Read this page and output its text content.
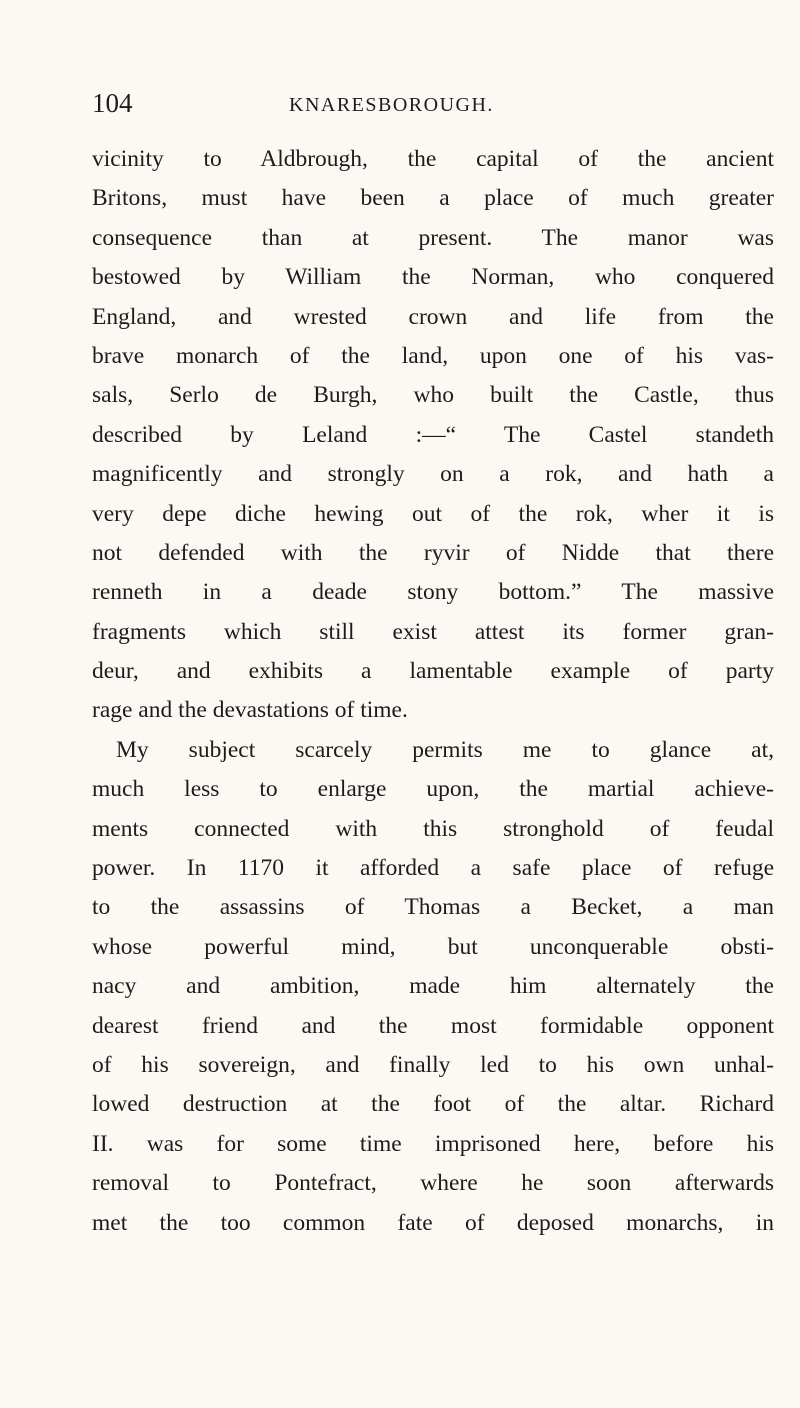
104	KNARESBOROUGH.
vicinity to Aldbrough, the capital of the ancient
Britons, must have been a place of much greater
consequence than at present. The manor was
bestowed by William the Norman, who conquered
England, and wrested crown and life from the
brave monarch of the land, upon one of his vas-
sals, Serlo de Burgh, who built the Castle, thus
described by Leland :—“ The Castel standeth
magnificently and strongly on a rok, and hath a
very depe diche hewing out of the rok, wher it is
not defended with the ryvir of Nidde that there
renneth in a deade stony bottom.” The massive
fragments which still exist attest its former gran-
deur, and exhibits a lamentable example of party
rage and the devastations of time.
My subject scarcely permits me to glance at,
much less to enlarge upon, the martial achieve-
ments connected with this stronghold of feudal
power. In 1170 it afforded a safe place of refuge
to the assassins of Thomas a Becket, a man
whose powerful mind, but unconquerable obsti-
nacy and ambition, made him alternately the
dearest friend and the most formidable opponent
of his sovereign, and finally led to his own unhal-
lowed destruction at the foot of the altar. Richard
II. was for some time imprisoned here, before his
removal to Pontefract, where he soon afterwards
met the too common fate of deposed monarchs, in
